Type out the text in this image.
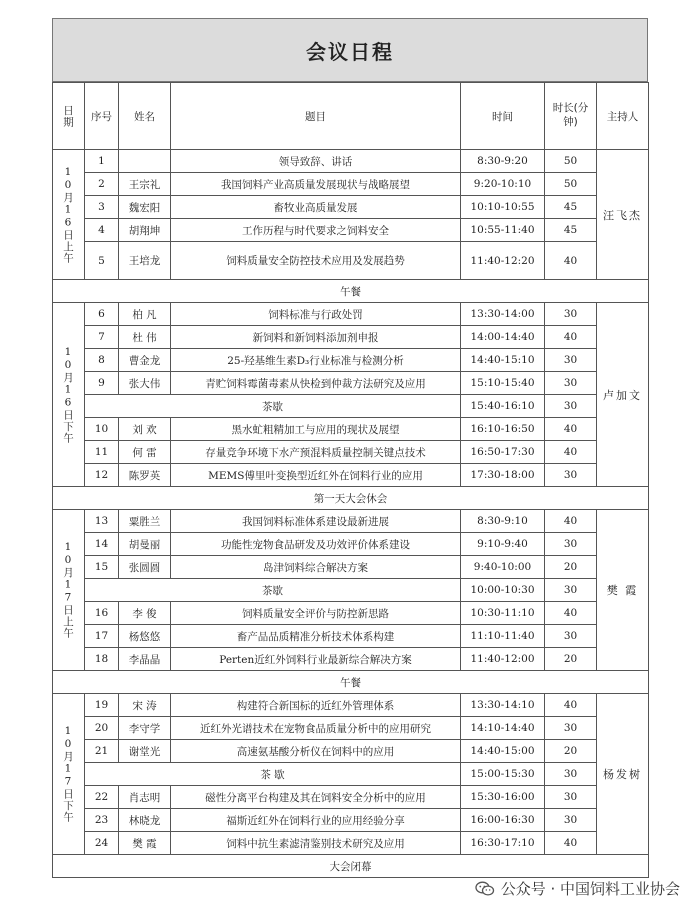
会议日程
日期	序号	姓名	题目	时间	时长(分钟)	主持人

10月16日上午	1		领导致辞、讲话	8:30-9:20	50	汪飞杰
	2	王宗礼	我国饲料产业高质量发展现状与战略展望	9:20-10:10	50	
	3	魏宏阳	畜牧业高质量发展	10:10-10:55	45	
	4	胡翔坤	工作历程与时代要求之饲料安全	10:55-11:40	45	
	5	王培龙	饲料质量安全防控技术应用及发展趋势	11:40-12:20	40	
午餐						

10月16日下午	6	柏 凡	饲料标准与行政处罚	13:30-14:00	30	卢加文
	7	杜 伟	新饲料和新饲料添加剂申报	14:00-14:40	40	
	8	曹金龙	25-羟基维生素D₃行业标准与检测分析	14:40-15:10	30	
	9	张大伟	青贮饲料霉菌毒素从快检到仲裁方法研究及应用	15:10-15:40	30	
	茶歇			15:40-16:10	30	
	10	刘 欢	黑水虻粗精加工与应用的现状及展望	16:10-16:50	40	
	11	何 雷	存量竞争环境下水产预混料质量控制关键点技术	16:50-17:30	40	
	12	陈罗英	MEMS傅里叶变换型近红外在饲料行业的应用	17:30-18:00	30	
第一天大会休会						

10月17日上午	13	粟胜兰	我国饲料标准体系建设最新进展	8:30-9:10	40	樊 霞
	14	胡曼丽	功能性宠物食品研发及功效评价体系建设	9:10-9:40	30	
	15	张圆圆	岛津饲料综合解决方案	9:40-10:00	20	
	茶歇			10:00-10:30	30	
	16	李 俊	饲料质量安全评价与防控新思路	10:30-11:10	40	
	17	杨悠悠	畜产品品质精准分析技术体系构建	11:10-11:40	30	
	18	李晶晶	Perten近红外饲料行业最新综合解决方案	11:40-12:00	20	
午餐						

10月17日下午	19	宋 涛	构建符合新国标的近红外管理体系	13:30-14:10	40	杨发树
	20	李守学	近红外光谱技术在宠物食品质量分析中的应用研究	14:10-14:40	30	
	21	谢堂光	高速氨基酸分析仪在饲料中的应用	14:40-15:00	20	
	茶 歇			15:00-15:30	30	
	22	肖志明	磁性分离平台构建及其在饲料安全分析中的应用	15:30-16:00	30	
	23	林晓龙	福斯近红外在饲料行业的应用经验分享	16:00-16:30	30	
	24	樊 霞	饲料中抗生素滤清鉴别技术研究及应用	16:30-17:10	40	
大会闭幕						
公众号 · 中国饲料工业协会
